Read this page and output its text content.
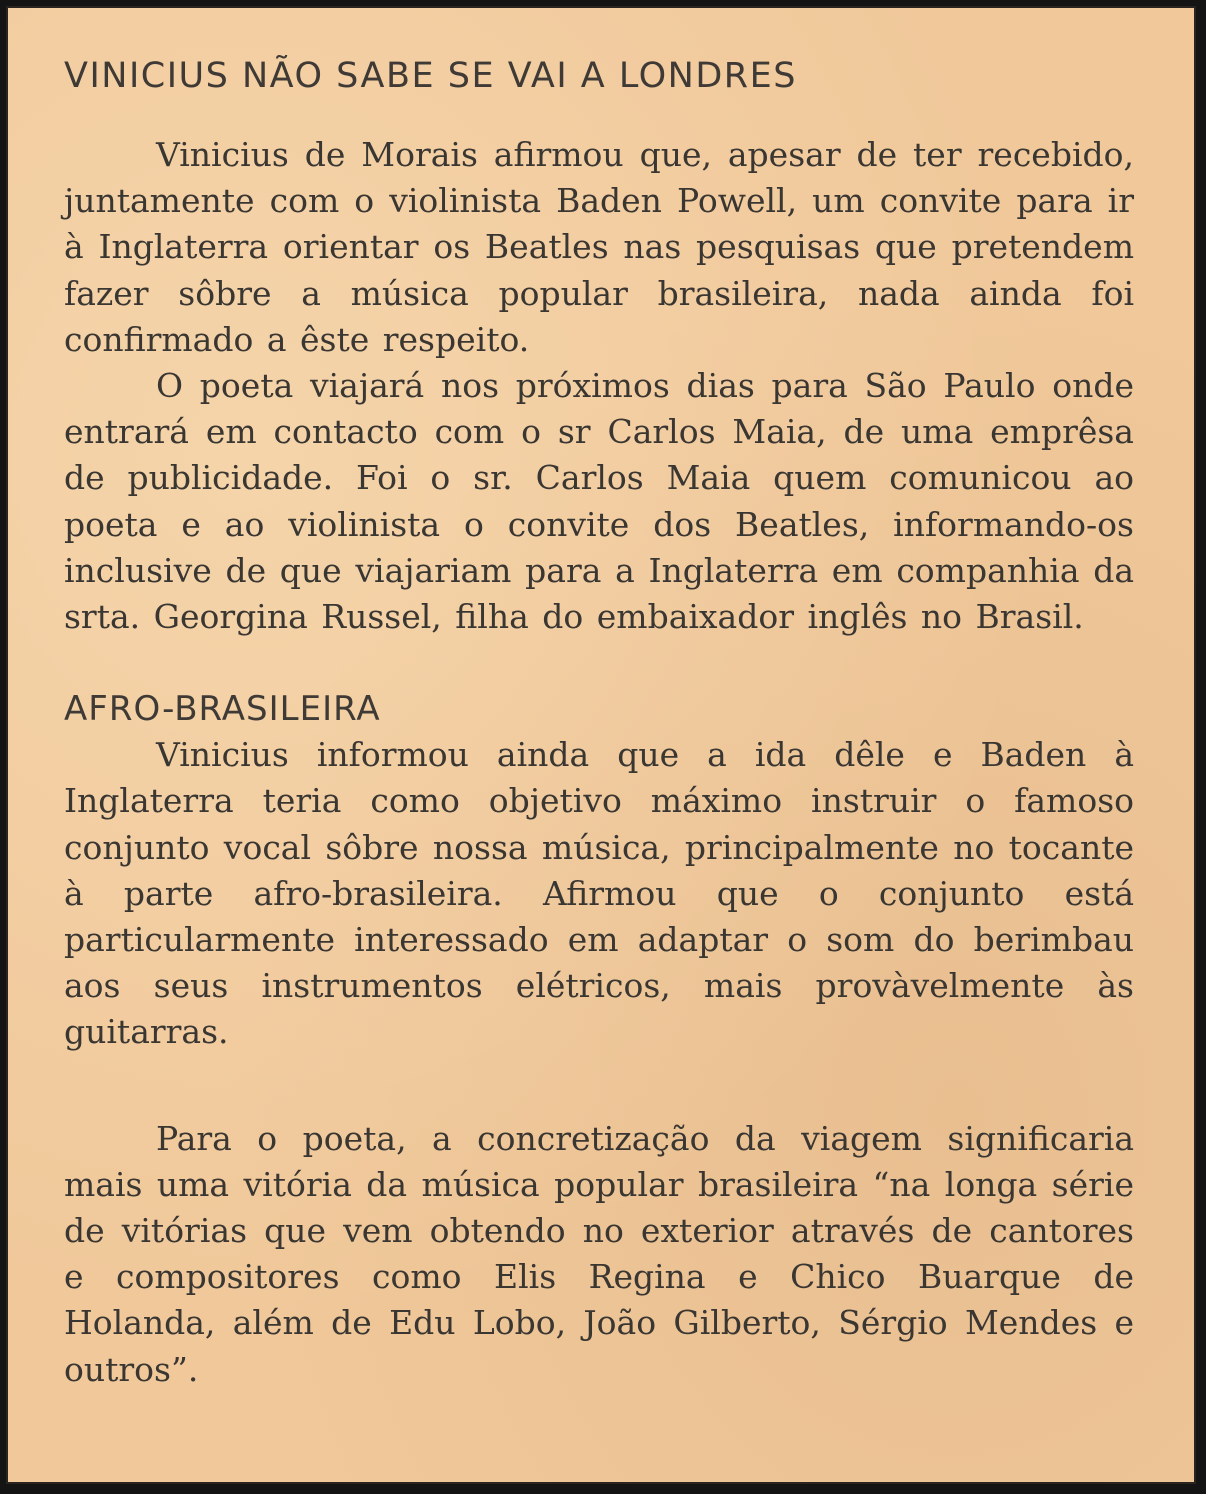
VINICIUS NÃO SABE SE VAI A LONDRES

Vinicius de Morais afirmou que, apesar de ter recebido, juntamente com o violinista Baden Powell, um convite para ir à Inglaterra orientar os Beatles nas pesquisas que pretendem fazer sôbre a música popular brasileira, nada ainda foi confirmado a êste respeito.

O poeta viajará nos próximos dias para São Paulo onde entrará em contacto com o sr Carlos Maia, de uma emprêsa de publicidade. Foi o sr. Carlos Maia quem comunicou ao poeta e ao violinista o convite dos Beatles, informando-os inclusive de que viajariam para a Inglaterra em companhia da srta. Georgina Russel, filha do embaixador inglês no Brasil.

AFRO-BRASILEIRA

Vinicius informou ainda que a ida dêle e Baden à Inglaterra teria como objetivo máximo instruir o famoso conjunto vocal sôbre nossa música, principalmente no tocante à parte afro-brasileira. Afirmou que o conjunto está particularmente interessado em adaptar o som do berimbau aos seus instrumentos elétricos, mais provàvelmente às guitarras.

Para o poeta, a concretização da viagem significaria mais uma vitória da música popular brasileira “na longa série de vitórias que vem obtendo no exterior através de cantores e compositores como Elis Regina e Chico Buarque de Holanda, além de Edu Lobo, João Gilberto, Sérgio Mendes e outros”.
